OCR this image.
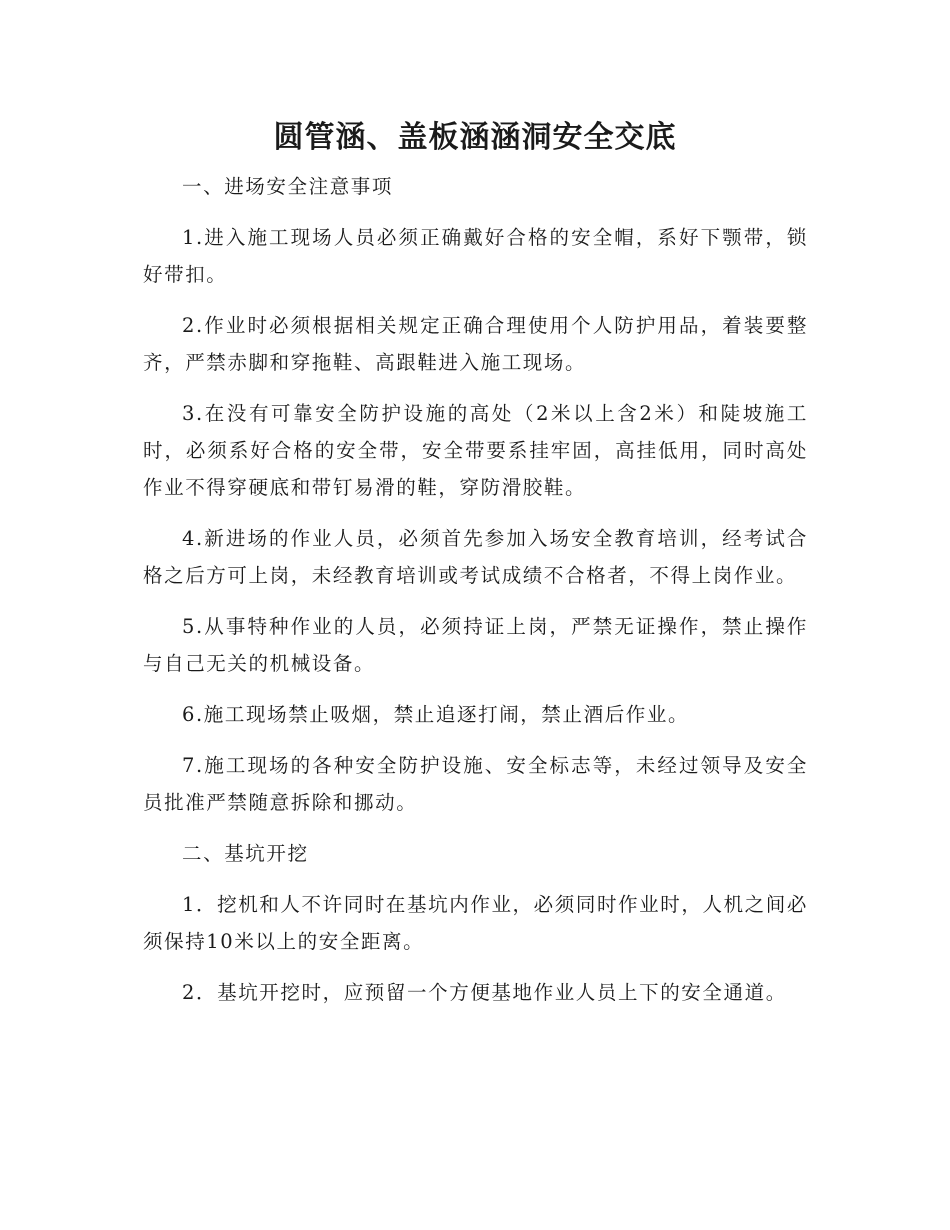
圆管涵、盖板涵涵洞安全交底

一、进场安全注意事项

1.进入施工现场人员必须正确戴好合格的安全帽，系好下颚带，锁好带扣。

2.作业时必须根据相关规定正确合理使用个人防护用品，着装要整齐，严禁赤脚和穿拖鞋、高跟鞋进入施工现场。

3.在没有可靠安全防护设施的高处（2米以上含2米）和陡坡施工时，必须系好合格的安全带，安全带要系挂牢固，高挂低用，同时高处作业不得穿硬底和带钉易滑的鞋，穿防滑胶鞋。

4.新进场的作业人员，必须首先参加入场安全教育培训，经考试合格之后方可上岗，未经教育培训或考试成绩不合格者，不得上岗作业。

5.从事特种作业的人员，必须持证上岗，严禁无证操作，禁止操作与自己无关的机械设备。

6.施工现场禁止吸烟，禁止追逐打闹，禁止酒后作业。

7.施工现场的各种安全防护设施、安全标志等，未经过领导及安全员批准严禁随意拆除和挪动。

二、基坑开挖

1．挖机和人不许同时在基坑内作业，必须同时作业时，人机之间必须保持10米以上的安全距离。

2．基坑开挖时，应预留一个方便基地作业人员上下的安全通道。
